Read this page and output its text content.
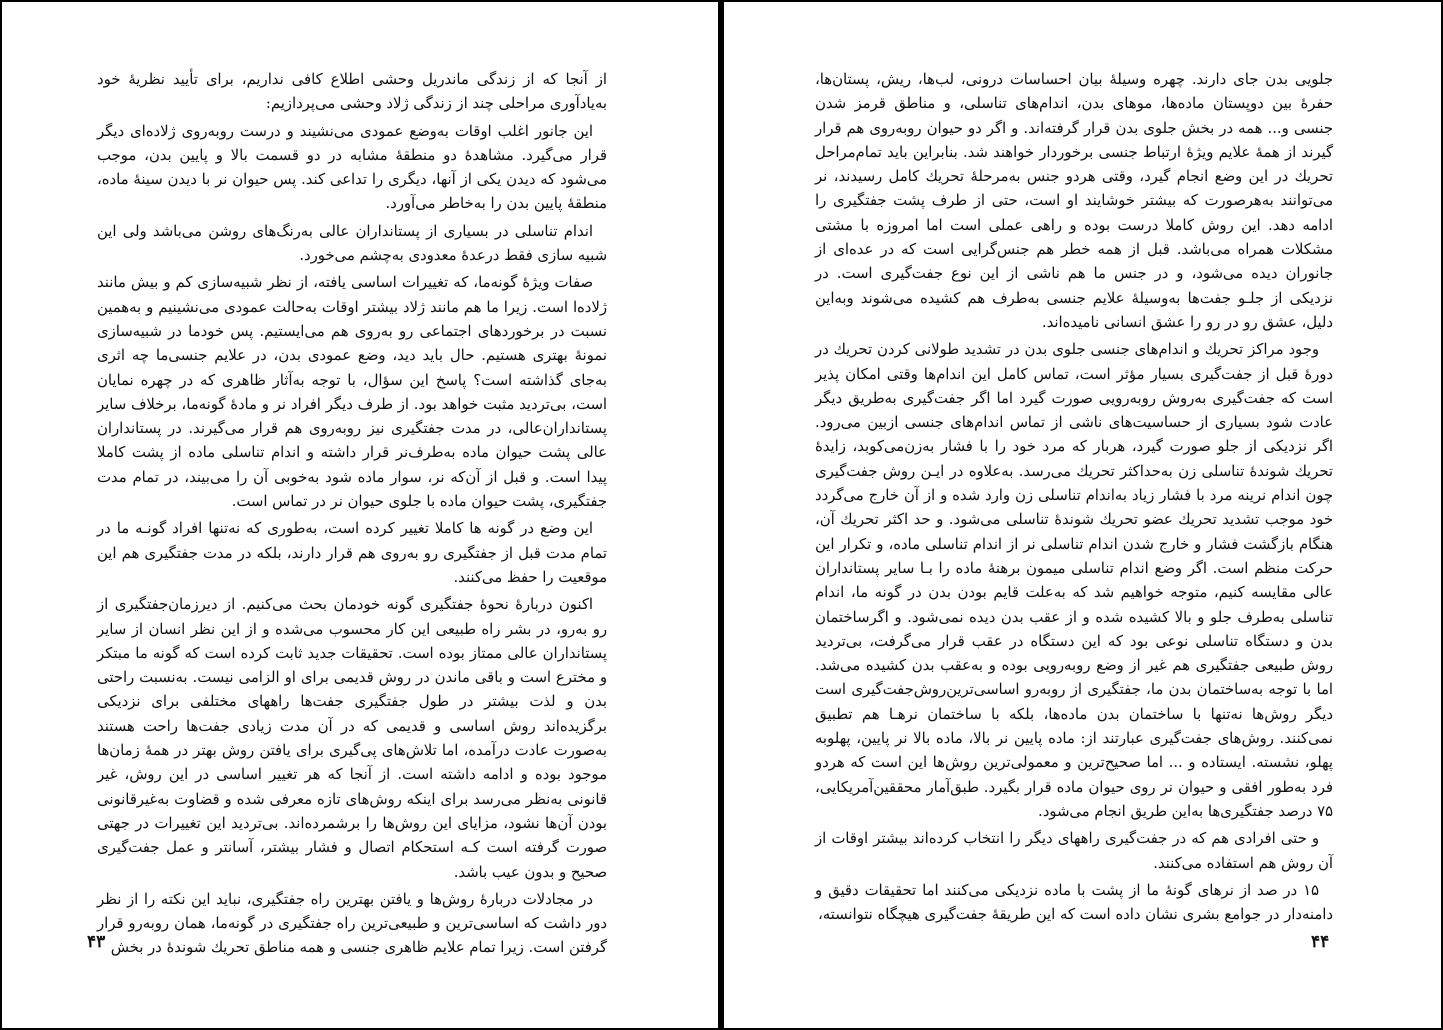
از آنجا که از زندگی ماندریل وحشی اطلاع کافی نداریم، برای تأیید نظریهٔ خود به‌یادآوری مراحلی چند از زندگی ژلاد وحشی می‌پردازیم:

این جانور اغلب اوقات به‌وضع عمودی می‌نشیند و درست روبه‌روی ژلاده‌ای دیگر قرار می‌گیرد. مشاهدهٔ دو منطقهٔ مشابه در دو قسمت بالا و پایین بدن، موجب می‌شود که دیدن یکی از آنها، دیگری را تداعی کند. پس حیوان نر با دیدن سینهٔ ماده، منطقهٔ پایین بدن را به‌خاطر می‌آورد.

اندام تناسلی در بسیاری از پستانداران عالی به‌رنگ‌های روشن می‌باشد ولی این شبیه سازی فقط درعدهٔ معدودی به‌چشم می‌خورد.

صفات ویژهٔ گونه‌ما، که تغییرات اساسی یافته، از نظر شبیه‌سازی کم و بیش مانند ژلاده‌ا است. زیرا ما هم مانند ژلاد بیشتر اوقات به‌حالت عمودی می‌نشینیم و به‌همین نسبت در برخوردهای اجتماعی رو به‌روی هم می‌ایستیم. پس خودما در شبیه‌سازی نمونهٔ بهتری هستیم. حال باید دید، وضع عمودی بدن، در علایم جنسی‌ما چه اثری به‌جای گذاشته است؟ پاسخ این سؤال، با توجه به‌آثار ظاهری که در چهره نمایان است، بی‌تردید مثبت خواهد بود. از طرف دیگر افراد نر و مادهٔ گونه‌ما، برخلاف سایر پستانداران‌عالی، در مدت جفتگیری نیز روبه‌روی هم قرار می‌گیرند. در پستانداران عالی پشت حیوان ماده به‌طرف‌نر قرار داشته و اندام تناسلی ماده از پشت کاملا پیدا است. و قبل از آن‌که نر، سوار ماده شود به‌خوبی آن را می‌بیند، در تمام مدت جفتگیری، پشت حیوان ماده با جلوی حیوان نر در تماس است.

این وضع در گونه ها کاملا تغییر کرده است، به‌طوری که نه‌تنها افراد گونـه ما در تمام مدت قبل از جفتگیری رو به‌روی هم قرار دارند، بلکه در مدت جفتگیری هم این موقعیت را حفظ می‌کنند.

اکنون دربارهٔ نحوهٔ جفتگیری گونه خودمان بحث می‌کنیم. از دیرزمان‌جفتگیری از رو به‌رو، در بشر راه طبیعی این کار محسوب می‌شده و از این نظر انسان از سایر پستانداران عالی ممتاز بوده است. تحقیقات جدید ثابت کرده است که گونه ما مبتکر و مخترع است و باقی ماندن در روش قدیمی برای او الزامی نیست. به‌نسبت راحتی بدن و لذت بیشتر در طول جفتگیری جفت‌ها راههای مختلفی برای نزدیکی برگزیده‌اند روش اساسی و قدیمی که در آن مدت زیادی جفت‌ها راحت هستند به‌صورت عادت درآمده، اما تلاش‌های پی‌گیری برای یافتن روش بهتر در همهٔ زمان‌ها موجود بوده و ادامه داشته است. از آنجا که هر تغییر اساسی در این روش، غیر قانونی به‌نظر می‌رسد برای اینکه روش‌های تازه معرفی شده و قضاوت به‌غیرقانونی بودن آن‌ها نشود، مزایای این روش‌ها را برشمرده‌اند. بی‌تردید این تغییرات در جهتی صورت گرفته است کـه استحکام اتصال و فشار بیشتر، آسانتر و عمل جفت‌گیری صحیح و بدون عیب باشد.

در مجادلات دربارهٔ روش‌ها و یافتن بهترین راه جفتگیری، نباید این نکته را از نظر دور داشت که اساسی‌ترین و طبیعی‌ترین راه جفتگیری در گونه‌ما، همان روبه‌رو قرار گرفتن است. زیرا تمام علایم ظاهری جنسی و همه مناطق تحریك شوندهٔ در بخش

۴۳

جلویی بدن جای دارند. چهره وسیلهٔ بیان احساسات درونی، لب‌ها، ریش، پستان‌ها، حفرهٔ بین دوپستان ماده‌ها، موهای بدن، اندام‌های تناسلی، و مناطق قرمز شدن جنسی و... همه در بخش جلوی بدن قرار گرفته‌اند. و اگر دو حیوان روبه‌روی هم قرار گیرند از همهٔ علایم ویژهٔ ارتباط جنسی برخوردار خواهند شد. بنابراین باید تمام‌مراحل تحریك در این وضع انجام گیرد، وقتی هردو جنس به‌مرحلهٔ تحریك کامل رسیدند، نر می‌توانند به‌هرصورت که بیشتر خوشایند او است، حتی از طرف پشت جفتگیری را ادامه دهد. این روش کاملا درست بوده و راهی عملی است اما امروزه با مشتی مشکلات همراه می‌باشد. قبل از همه خطر هم جنس‌گرایی است که در عده‌ای از جانوران دیده می‌شود، و در جنس ما هم ناشی از این نوع جفت‌گیری است. در نزدیکی از جلـو جفت‌ها به‌وسیلهٔ علایم جنسی به‌طرف هم کشیده می‌شوند وبه‌این دلیل، عشق رو در رو را عشق انسانی نامیده‌اند.

وجود مراکز تحریك و اندام‌های جنسی جلوی بدن در تشدید طولانی کردن تحریك در دورهٔ قبل از جفت‌گیری بسیار مؤثر است، تماس کامل این اندام‌ها وقتی امکان پذیر است که جفت‌گیری به‌روش روبه‌رویی صورت گیرد اما اگر جفت‌گیری به‌طریق دیگر عادت شود بسیاری از حساسیت‌های ناشی از تماس اندام‌های جنسی ازبین می‌رود. اگر نزدیکی از جلو صورت گیرد، هربار که مرد خود را با فشار به‌زن‌می‌کوبد، زایدهٔ تحریك شوندهٔ تناسلی زن به‌حداکثر تحریك می‌رسد. به‌علاوه در ایـن روش جفت‌گیری چون اندام نرینه مرد با فشار زیاد به‌اندام تناسلی زن وارد شده و از آن خارج می‌گردد خود موجب تشدید تحریك عضو تحریك شوندهٔ تناسلی می‌شود. و حد اکثر تحریك آن، هنگام بازگشت فشار و خارج شدن اندام تناسلی نر از اندام تناسلی ماده، و تکرار این حرکت منظم است. اگر وضع اندام تناسلی میمون برهنهٔ ماده را بـا سایر پستانداران عالی مقایسه کنیم، متوجه خواهیم شد که به‌علت قایم بودن بدن در گونه ما، اندام تناسلی به‌طرف جلو و بالا کشیده شده و از عقب بدن دیده نمی‌شود. و اگرساختمان بدن و دستگاه تناسلی نوعی بود که این دستگاه در عقب قرار می‌گرفت، بی‌تردید روش طبیعی جفتگیری هم غیر از وضع روبه‌رویی بوده و به‌عقب بدن کشیده می‌شد. اما با توجه به‌ساختمان بدن ما، جفتگیری از روبه‌رو اساسی‌ترین‌روش‌جفت‌گیری است دیگر روش‌ها نه‌تنها با ساختمان بدن ماده‌ها، بلکه با ساختمان نرهـا هم تطبیق نمی‌کنند. روش‌های جفت‌گیری عبارتند از: ماده پایین نر بالا، ماده بالا نر پایین، پهلوبه پهلو، نشسته. ایستاده و ... اما صحیح‌ترین و معمولی‌ترین روش‌ها این است که هردو فرد به‌طور افقی و حیوان نر روی حیوان ماده قرار بگیرد. طبق‌آمار محققین‌آمریکایی، ۷۵ درصد جفتگیری‌ها به‌این طریق انجام می‌شود.

و حتی افرادی هم که در جفت‌گیری راههای دیگر را انتخاب کرده‌اند بیشتر اوقات از آن روش هم استفاده می‌کنند.

۱۵ در صد از نرهای گونهٔ ما از پشت با ماده نزدیکی می‌کنند اما تحقیقات دقیق و دامنه‌دار در جوامع بشری نشان داده است که این طریقهٔ جفت‌گیری هیچگاه نتوانسته،

۴۴
